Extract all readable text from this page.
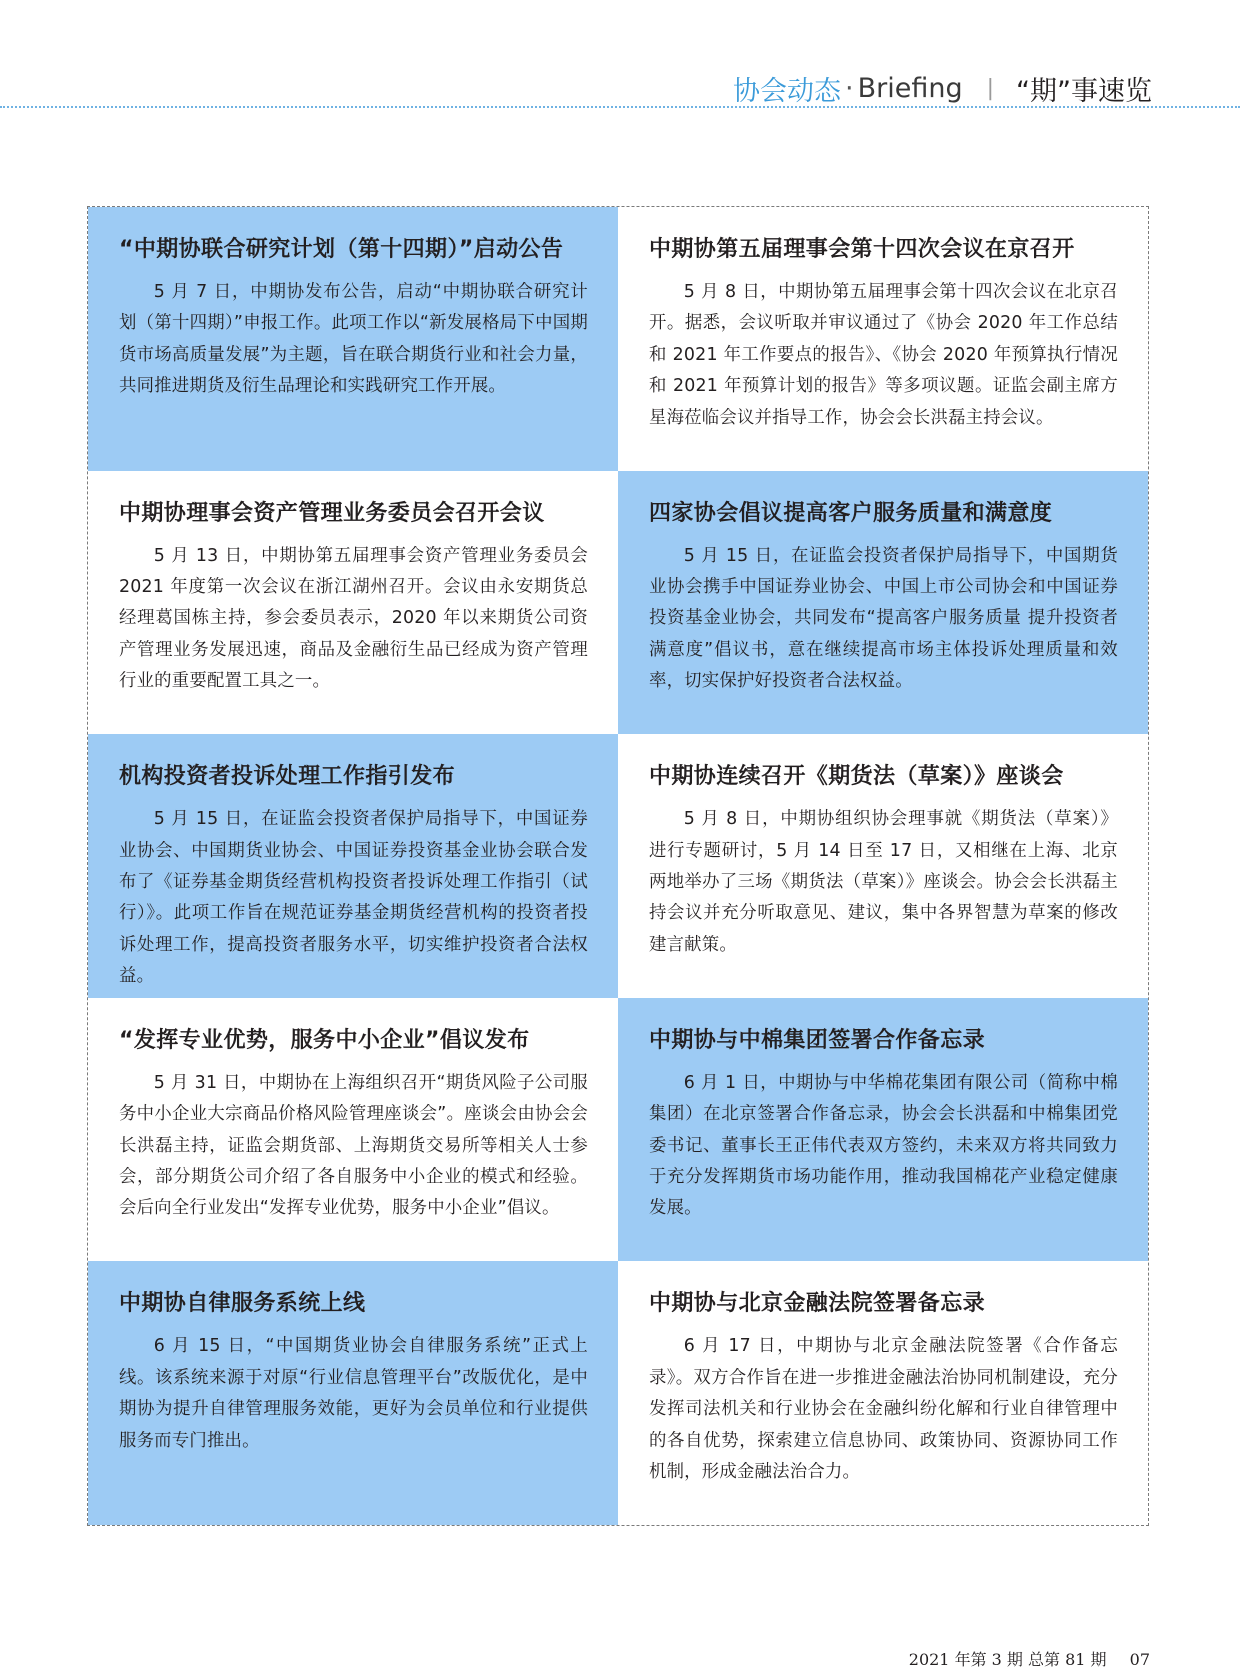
协会动态 · Briefing | “期”事速览
“中期协联合研究计划（第十四期）”启动公告

5 月 7 日，中期协发布公告，启动“中期协联合研究计划（第十四期）”申报工作。此项工作以“新发展格局下中国期货市场高质量发展”为主题，旨在联合期货行业和社会力量，共同推进期货及衍生品理论和实践研究工作开展。

中期协第五届理事会第十四次会议在京召开

5 月 8 日，中期协第五届理事会第十四次会议在北京召开。据悉，会议听取并审议通过了《协会 2020 年工作总结和 2021 年工作要点的报告》、《协会 2020 年预算执行情况和 2021 年预算计划的报告》等多项议题。证监会副主席方星海莅临会议并指导工作，协会会长洪磊主持会议。

中期协理事会资产管理业务委员会召开会议

5 月 13 日，中期协第五届理事会资产管理业务委员会 2021 年度第一次会议在浙江湖州召开。会议由永安期货总经理葛国栋主持，参会委员表示，2020 年以来期货公司资产管理业务发展迅速，商品及金融衍生品已经成为资产管理行业的重要配置工具之一。

四家协会倡议提高客户服务质量和满意度

5 月 15 日，在证监会投资者保护局指导下，中国期货业协会携手中国证券业协会、中国上市公司协会和中国证券投资基金业协会，共同发布“提高客户服务质量 提升投资者满意度”倡议书，意在继续提高市场主体投诉处理质量和效率，切实保护好投资者合法权益。

机构投资者投诉处理工作指引发布

5 月 15 日，在证监会投资者保护局指导下，中国证券业协会、中国期货业协会、中国证券投资基金业协会联合发布了《证券基金期货经营机构投资者投诉处理工作指引（试行）》。此项工作旨在规范证券基金期货经营机构的投资者投诉处理工作，提高投资者服务水平，切实维护投资者合法权益。

中期协连续召开《期货法（草案）》座谈会

5 月 8 日，中期协组织协会理事就《期货法（草案）》进行专题研讨，5 月 14 日至 17 日，又相继在上海、北京两地举办了三场《期货法（草案）》座谈会。协会会长洪磊主持会议并充分听取意见、建议，集中各界智慧为草案的修改建言献策。

“发挥专业优势，服务中小企业”倡议发布

5 月 31 日，中期协在上海组织召开“期货风险子公司服务中小企业大宗商品价格风险管理座谈会”。座谈会由协会会长洪磊主持，证监会期货部、上海期货交易所等相关人士参会，部分期货公司介绍了各自服务中小企业的模式和经验。会后向全行业发出“发挥专业优势，服务中小企业”倡议。

中期协与中棉集团签署合作备忘录

6 月 1 日，中期协与中华棉花集团有限公司（简称中棉集团）在北京签署合作备忘录，协会会长洪磊和中棉集团党委书记、董事长王正伟代表双方签约，未来双方将共同致力于充分发挥期货市场功能作用，推动我国棉花产业稳定健康发展。

中期协自律服务系统上线

6 月 15 日，“中国期货业协会自律服务系统”正式上线。该系统来源于对原“行业信息管理平台”改版优化，是中期协为提升自律管理服务效能，更好为会员单位和行业提供服务而专门推出。

中期协与北京金融法院签署备忘录

6 月 17 日，中期协与北京金融法院签署《合作备忘录》。双方合作旨在进一步推进金融法治协同机制建设，充分发挥司法机关和行业协会在金融纠纷化解和行业自律管理中的各自优势，探索建立信息协同、政策协同、资源协同工作机制，形成金融法治合力。

2021 年第 3 期 总第 81 期 07
